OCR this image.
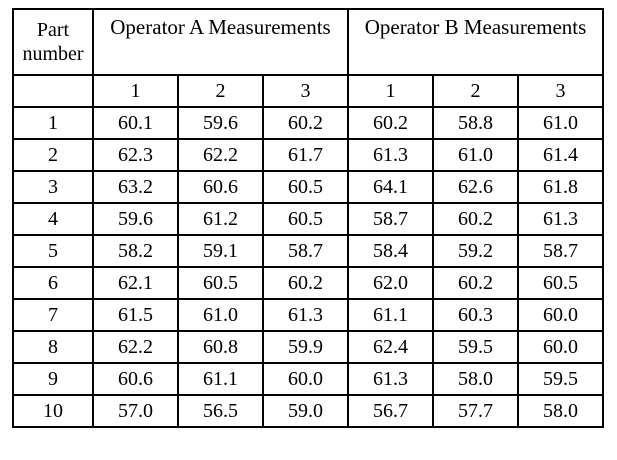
Part
number	Operator A Measurements			Operator B Measurements		
	1	2	3	1	2	3
1	60.1	59.6	60.2	60.2	58.8	61.0
2	62.3	62.2	61.7	61.3	61.0	61.4
3	63.2	60.6	60.5	64.1	62.6	61.8
4	59.6	61.2	60.5	58.7	60.2	61.3
5	58.2	59.1	58.7	58.4	59.2	58.7
6	62.1	60.5	60.2	62.0	60.2	60.5
7	61.5	61.0	61.3	61.1	60.3	60.0
8	62.2	60.8	59.9	62.4	59.5	60.0
9	60.6	61.1	60.0	61.3	58.0	59.5
10	57.0	56.5	59.0	56.7	57.7	58.0
